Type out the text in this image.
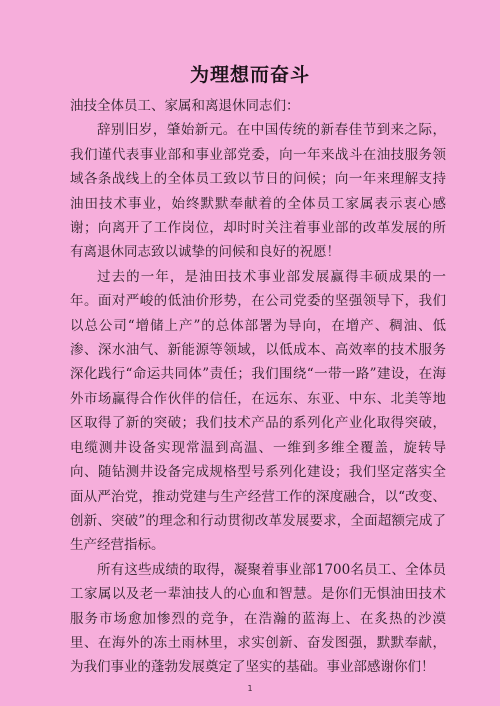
为理想而奋斗

油技全体员工、家属和离退休同志们：

辞别旧岁，肇始新元。在中国传统的新春佳节到来之际，我们谨代表事业部和事业部党委，向一年来战斗在油技服务领域各条战线上的全体员工致以节日的问候；向一年来理解支持油田技术事业，始终默默奉献着的全体员工家属表示衷心感谢；向离开了工作岗位，却时时关注着事业部的改革发展的所有离退休同志致以诚挚的问候和良好的祝愿！

过去的一年，是油田技术事业部发展赢得丰硕成果的一年。面对严峻的低油价形势，在公司党委的坚强领导下，我们以总公司“增储上产”的总体部署为导向，在增产、稠油、低渗、深水油气、新能源等领域，以低成本、高效率的技术服务深化践行“命运共同体”责任；我们围绕“一带一路”建设，在海外市场赢得合作伙伴的信任，在远东、东亚、中东、北美等地区取得了新的突破；我们技术产品的系列化产业化取得突破，电缆测井设备实现常温到高温、一维到多维全覆盖，旋转导向、随钻测井设备完成规格型号系列化建设；我们坚定落实全面从严治党，推动党建与生产经营工作的深度融合，以“改变、创新、突破”的理念和行动贯彻改革发展要求，全面超额完成了生产经营指标。

所有这些成绩的取得，凝聚着事业部1700名员工、全体员工家属以及老一辈油技人的心血和智慧。是你们无惧油田技术服务市场愈加惨烈的竞争，在浩瀚的蓝海上、在炙热的沙漠里、在海外的冻土雨林里，求实创新、奋发图强，默默奉献，为我们事业的蓬勃发展奠定了坚实的基础。事业部感谢你们！

1
